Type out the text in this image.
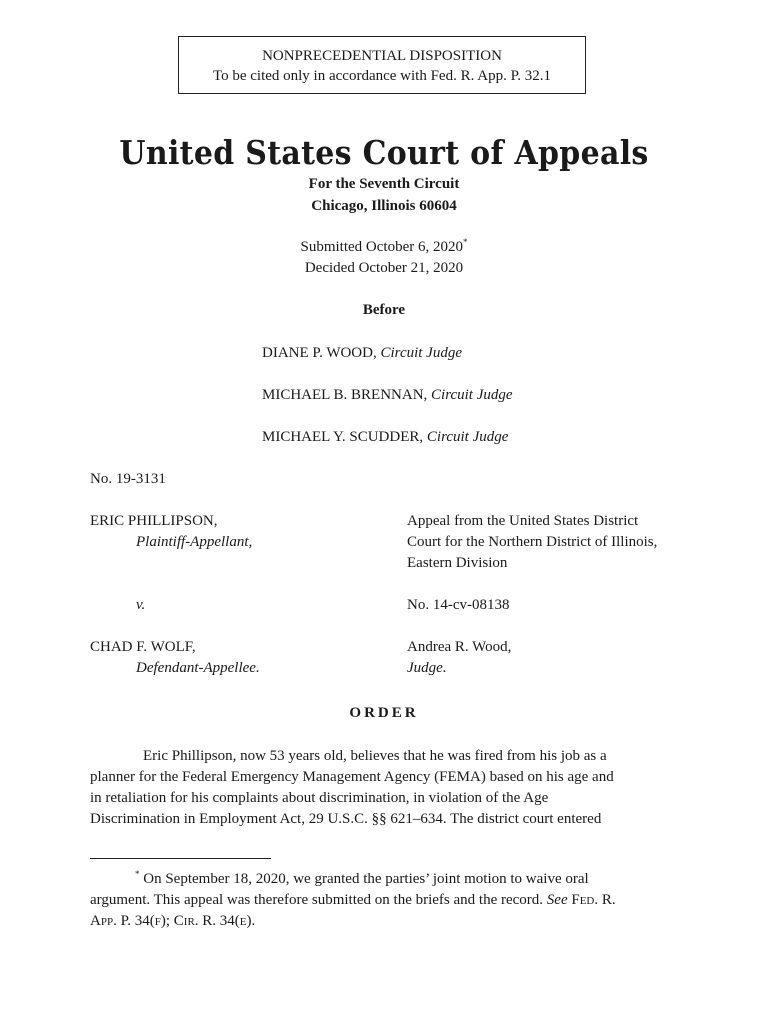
NONPRECEDENTIAL DISPOSITION
To be cited only in accordance with Fed. R. App. P. 32.1
United States Court of Appeals
For the Seventh Circuit
Chicago, Illinois 60604
Submitted October 6, 2020*
Decided October 21, 2020
Before
DIANE P. WOOD, Circuit Judge
MICHAEL B. BRENNAN, Circuit Judge
MICHAEL Y. SCUDDER, Circuit Judge
No. 19-3131
ERIC PHILLIPSON,
Plaintiff-Appellant,
v.
CHAD F. WOLF,
Defendant-Appellee.
Appeal from the United States District
Court for the Northern District of Illinois,
Eastern Division
No. 14-cv-08138
Andrea R. Wood,
Judge.
ORDER
Eric Phillipson, now 53 years old, believes that he was fired from his job as a
planner for the Federal Emergency Management Agency (FEMA) based on his age and
in retaliation for his complaints about discrimination, in violation of the Age
Discrimination in Employment Act, 29 U.S.C. §§ 621–634. The district court entered
* On September 18, 2020, we granted the parties’ joint motion to waive oral
argument. This appeal was therefore submitted on the briefs and the record. See Fed. R.
App. P. 34(f); Cir. R. 34(e).
